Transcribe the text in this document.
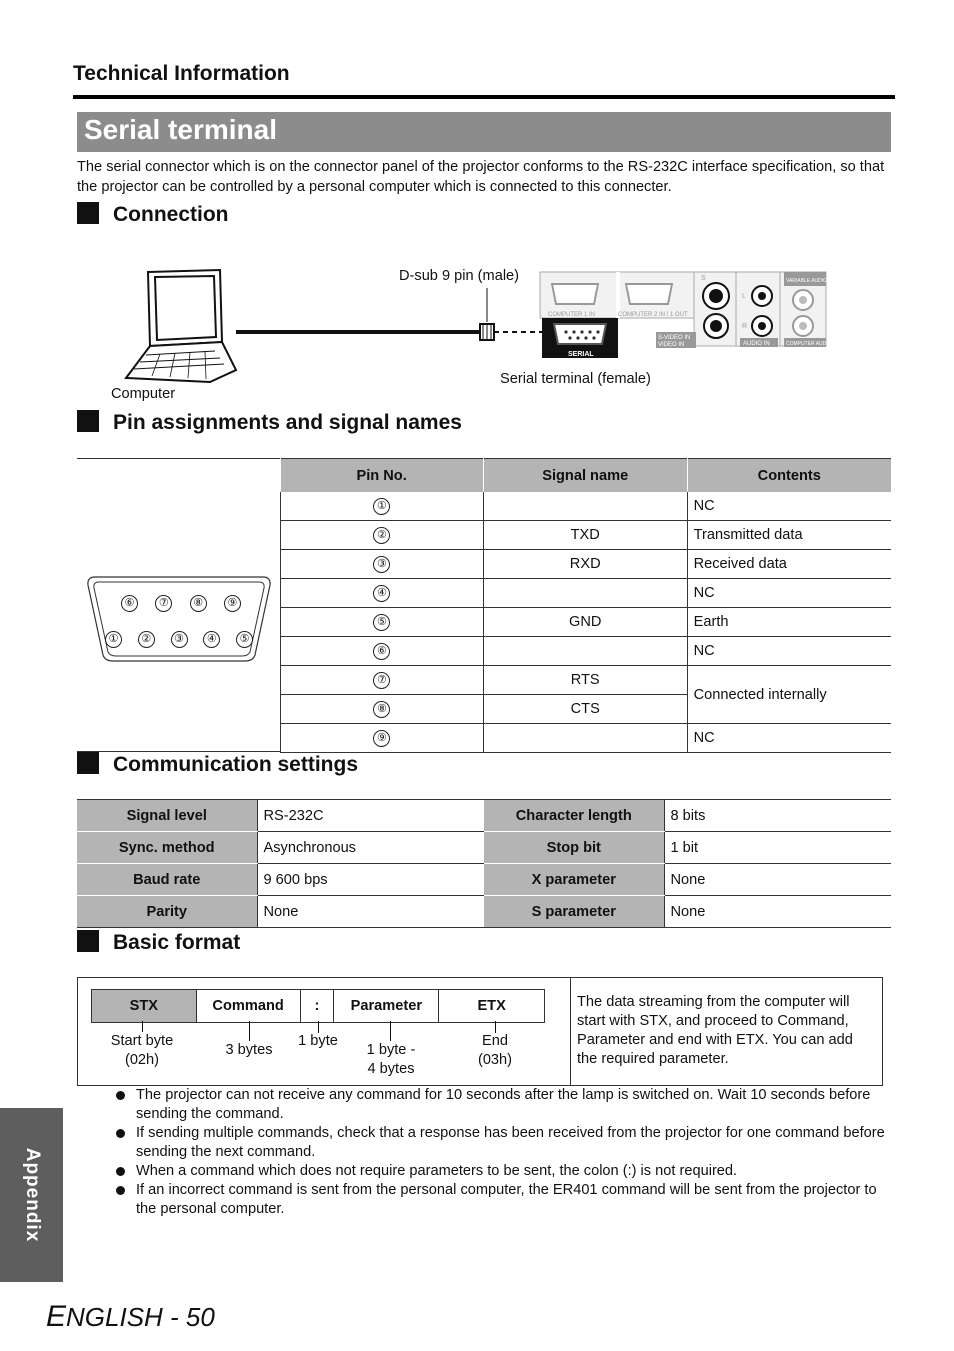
Technical Information
Serial terminal
The serial connector which is on the connector panel of the projector conforms to the RS-232C interface specification, so that the projector can be controlled by a personal computer which is connected to this connecter.
Connection
COMPUTER 1 IN	COMPUTER 2 IN / 1 OUT
SERIAL
S-VIDEO IN
VIDEO IN
S
L
R
AUDIO IN
VARIABLE AUDIO OUT
COMPUTER AUDIO IN
D-sub 9 pin (male)
Serial terminal (female)
Computer
Pin assignments and signal names
⑥	⑦	⑧	⑨
①	②	③	④	⑤
Pin No.	Signal name	Contents
①		NC
②	TXD	Transmitted data
③	RXD	Received data
④		NC
⑤	GND	Earth
⑥		NC
⑦	RTS	Connected internally
⑧	CTS	
⑨		NC
Communication settings
Signal level	RS-232C	Character length	8 bits
Sync. method	Asynchronous	Stop bit	1 bit
Baud rate	9 600 bps	X parameter	None
Parity	None	S parameter	None
Basic format
STX	Command	:	Parameter	ETX
Start byte
(02h)
3 bytes
1 byte
1 byte -
4 bytes
End
(03h)
The data streaming from the computer will start with STX, and proceed to Command, Parameter and end with ETX. You can add the required parameter.
The projector can not receive any command for 10 seconds after the lamp is switched on. Wait 10 seconds before sending the command.
If sending multiple commands, check that a response has been received from the projector for one command before sending the next command.
When a command which does not require parameters to be sent, the colon (:) is not required.
If an incorrect command is sent from the personal computer, the ER401 command will be sent from the projector to the personal computer.
Appendix
ENGLISH - 50
